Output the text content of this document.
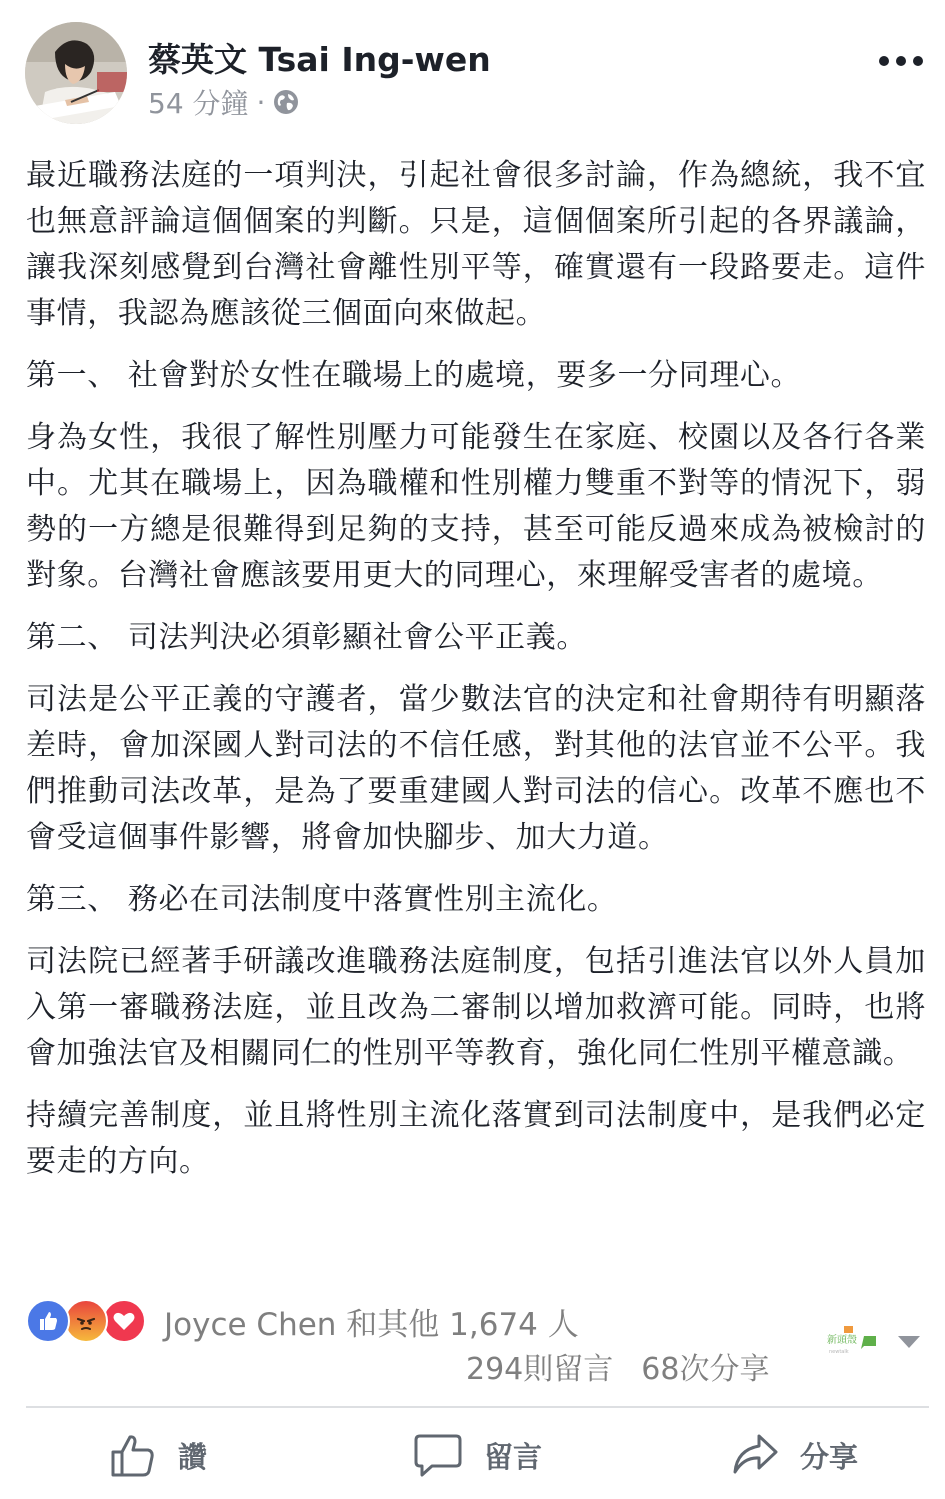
蔡英文 Tsai Ing-wen
54 分鐘 ·

最近職務法庭的一項判決，引起社會很多討論，作為總統，我不宜也無意評論這個個案的判斷。只是，這個個案所引起的各界議論，讓我深刻感覺到台灣社會離性別平等，確實還有一段路要走。這件事情，我認為應該從三個面向來做起。

第一、 社會對於女性在職場上的處境，要多一分同理心。

身為女性，我很了解性別壓力可能發生在家庭、校園以及各行各業中。尤其在職場上，因為職權和性別權力雙重不對等的情況下，弱勢的一方總是很難得到足夠的支持，甚至可能反過來成為被檢討的對象。台灣社會應該要用更大的同理心，來理解受害者的處境。

第二、 司法判決必須彰顯社會公平正義。

司法是公平正義的守護者，當少數法官的決定和社會期待有明顯落差時，會加深國人對司法的不信任感，對其他的法官並不公平。我們推動司法改革，是為了要重建國人對司法的信心。改革不應也不會受這個事件影響，將會加快腳步、加大力道。

第三、 務必在司法制度中落實性別主流化。

司法院已經著手研議改進職務法庭制度，包括引進法官以外人員加入第一審職務法庭，並且改為二審制以增加救濟可能。同時，也將會加強法官及相關同仁的性別平等教育，強化同仁性別平權意識。

持續完善制度，並且將性別主流化落實到司法制度中，是我們必定要走的方向。

Joyce Chen 和其他 1,674 人
294則留言 68次分享
新頭殼
newtalk
讚	留言	分享
